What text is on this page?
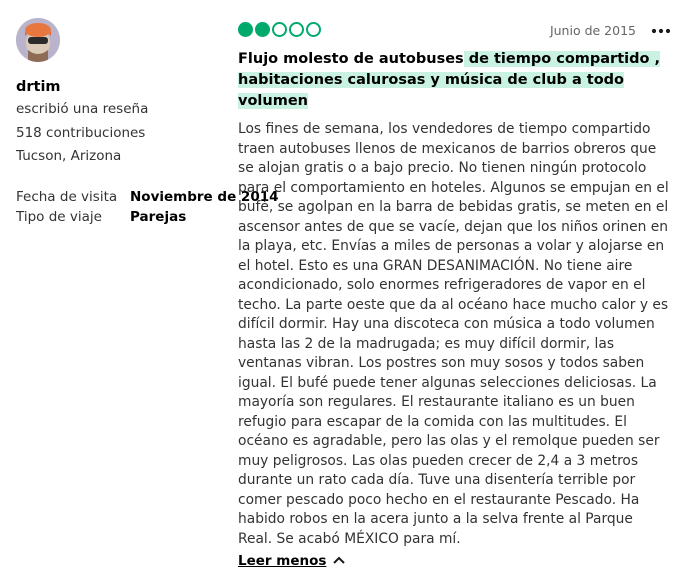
drtim
escribió una reseña
518 contribuciones
Tucson, Arizona
Fecha de visita Noviembre de 2014
Tipo de viaje	Parejas
Junio de 2015
Flujo molesto de autobuses de tiempo compartido , habitaciones calurosas y música de club a todo volumen
Los fines de semana, los vendedores de tiempo compartido traen autobuses llenos de mexicanos de barrios obreros que se alojan gratis o a bajo precio. No tienen ningún protocolo para el comportamiento en hoteles. Algunos se empujan en el bufé, se agolpan en la barra de bebidas gratis, se meten en el ascensor antes de que se vacíe, dejan que los niños orinen en la playa, etc. Envías a miles de personas a volar y alojarse en el hotel. Esto es una GRAN DESANIMACIÓN. No tiene aire acondicionado, solo enormes refrigeradores de vapor en el techo. La parte oeste que da al océano hace mucho calor y es difícil dormir. Hay una discoteca con música a todo volumen hasta las 2 de la madrugada; es muy difícil dormir, las ventanas vibran. Los postres son muy sosos y todos saben igual. El bufé puede tener algunas selecciones deliciosas. La mayoría son regulares. El restaurante italiano es un buen refugio para escapar de la comida con las multitudes. El océano es agradable, pero las olas y el remolque pueden ser muy peligrosos. Las olas pueden crecer de 2,4 a 3 metros durante un rato cada día. Tuve una disentería terrible por comer pescado poco hecho en el restaurante Pescado. Ha habido robos en la acera junto a la selva frente al Parque Real. Se acabó MÉXICO para mí.
Leer menos
